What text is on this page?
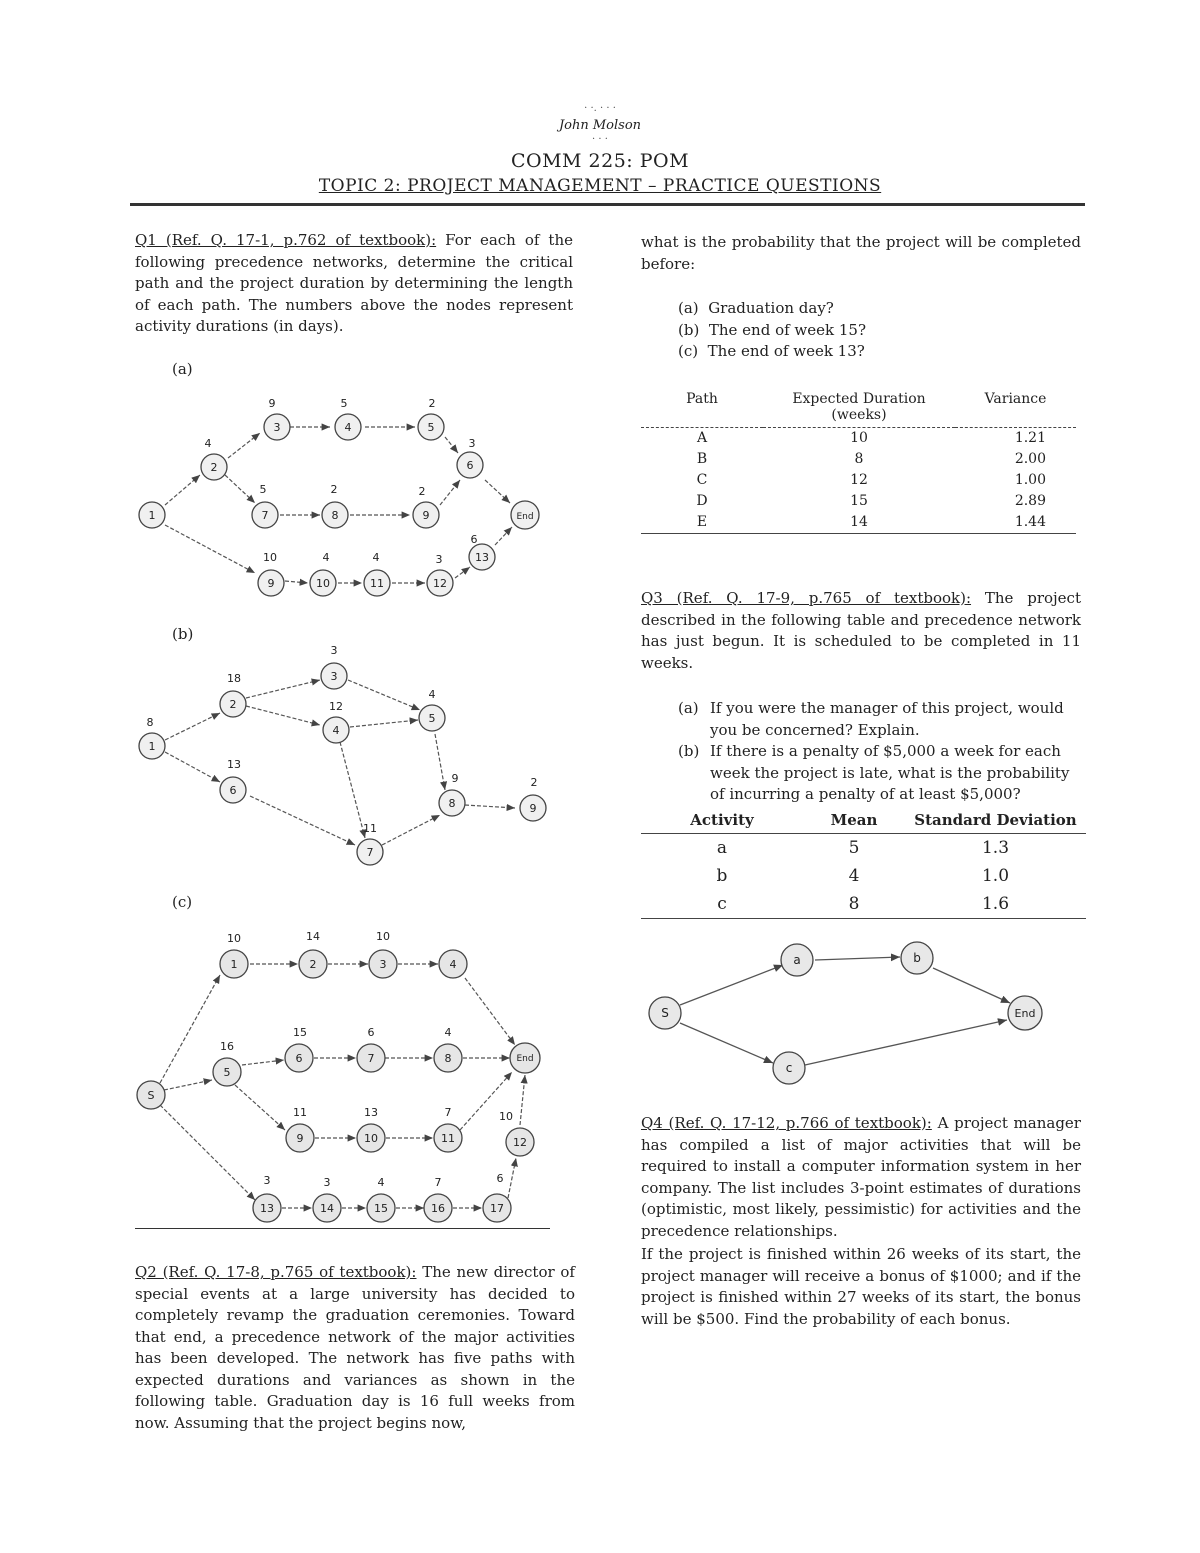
· ·. · · ·
John Molson
· · ·
COMM 225: POM
TOPIC 2: PROJECT MANAGEMENT – PRACTICE QUESTIONS
Q1 (Ref. Q. 17-1, p.762 of textbook): For each of the following precedence networks, determine the critical path and the project duration by determining the length of each path. The numbers above the nodes represent activity durations (in days).
(a)
1
2
3	4	5
6
7	8	9	End
9	10	11	12
13
4
9	5	2
3
5	2	2
10	4	4	3
6
(b)
1
2
3
4
5
6
7
8	9
8
18
3
12
4
13
11
9	2
(c)
S
1	2	3	4
5
6	7	8	End
9	10	11	12
13	14	15	16	17
10	14	10
16
15	6	4
11	13	7	10
3	3	4	7	6
Q2 (Ref. Q. 17-8, p.765 of textbook): The new director of special events at a large university has decided to completely revamp the graduation ceremonies. Toward that end, a precedence network of the major activities has been developed. The network has five paths with expected durations and variances as shown in the following table. Graduation day is 16 full weeks from now. Assuming that the project begins now,
what is the probability that the project will be completed before:
(a) Graduation day?
(b) The end of week 15?
(c) The end of week 13?
Path	Expected Duration (weeks)	Variance
A	10	1.21
B	8	2.00
C	12	1.00
D	15	2.89
E	14	1.44
Q3 (Ref. Q. 17-9, p.765 of textbook): The project described in the following table and precedence network has just begun. It is scheduled to be completed in 11 weeks.
(a) If you were the manager of this project, would you be concerned? Explain.
(b) If there is a penalty of $5,000 a week for each week the project is late, what is the probability of incurring a penalty of at least $5,000?
Activity	Mean	Standard Deviation
a	5	1.3
b	4	1.0
c	8	1.6
S
a	b
c
End
Q4 (Ref. Q. 17-12, p.766 of textbook): A project manager has compiled a list of major activities that will be required to install a computer information system in her company. The list includes 3-point estimates of durations (optimistic, most likely, pessimistic) for activities and the precedence relationships.
If the project is finished within 26 weeks of its start, the project manager will receive a bonus of $1000; and if the project is finished within 27 weeks of its start, the bonus will be $500. Find the probability of each bonus.
